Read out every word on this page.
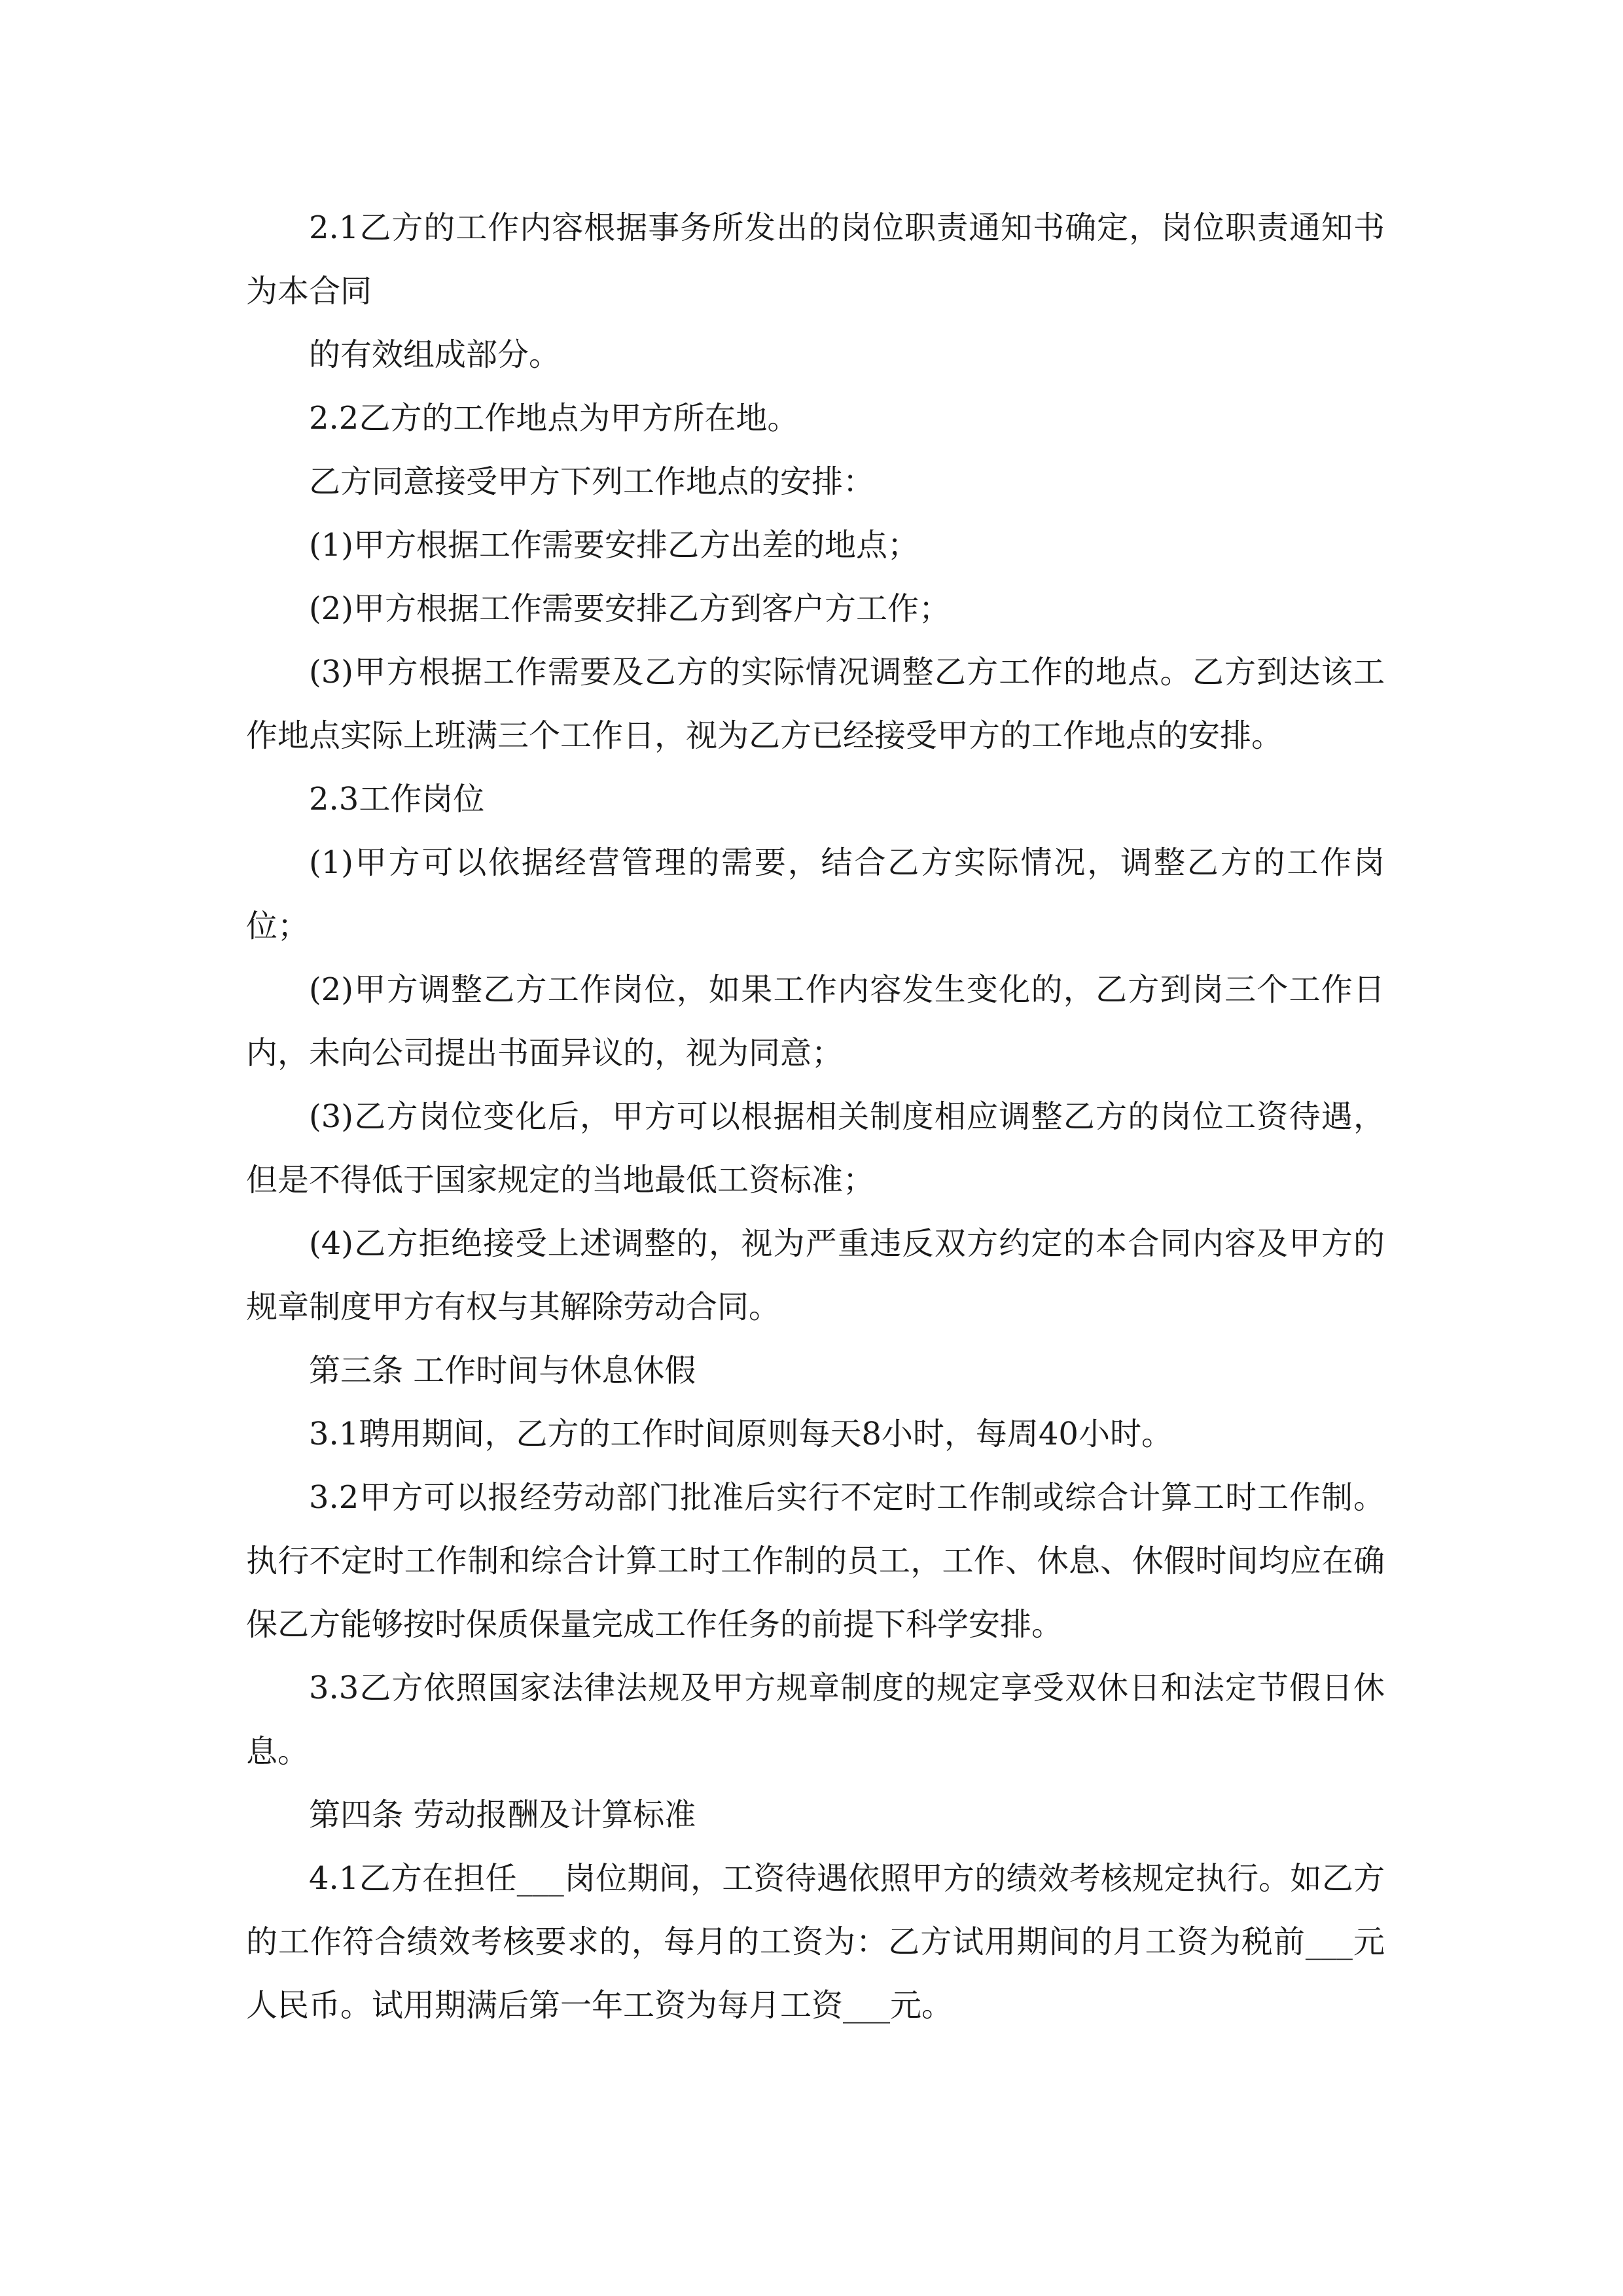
2.1乙方的工作内容根据事务所发出的岗位职责通知书确定，岗位职责通知书为本合同

的有效组成部分。

2.2乙方的工作地点为甲方所在地。

乙方同意接受甲方下列工作地点的安排：

(1)甲方根据工作需要安排乙方出差的地点；

(2)甲方根据工作需要安排乙方到客户方工作；

(3)甲方根据工作需要及乙方的实际情况调整乙方工作的地点。乙方到达该工作地点实际上班满三个工作日，视为乙方已经接受甲方的工作地点的安排。

2.3工作岗位

(1)甲方可以依据经营管理的需要，结合乙方实际情况，调整乙方的工作岗位；

(2)甲方调整乙方工作岗位，如果工作内容发生变化的，乙方到岗三个工作日内，未向公司提出书面异议的，视为同意；

(3)乙方岗位变化后，甲方可以根据相关制度相应调整乙方的岗位工资待遇，但是不得低于国家规定的当地最低工资标准；

(4)乙方拒绝接受上述调整的，视为严重违反双方约定的本合同内容及甲方的规章制度甲方有权与其解除劳动合同。

第三条 工作时间与休息休假

3.1聘用期间，乙方的工作时间原则每天8小时，每周40小时。

3.2甲方可以报经劳动部门批准后实行不定时工作制或综合计算工时工作制。执行不定时工作制和综合计算工时工作制的员工，工作、休息、休假时间均应在确保乙方能够按时保质保量完成工作任务的前提下科学安排。

3.3乙方依照国家法律法规及甲方规章制度的规定享受双休日和法定节假日休息。

第四条 劳动报酬及计算标准

4.1乙方在担任___岗位期间，工资待遇依照甲方的绩效考核规定执行。如乙方的工作符合绩效考核要求的，每月的工资为：乙方试用期间的月工资为税前___元人民币。试用期满后第一年工资为每月工资___元。
